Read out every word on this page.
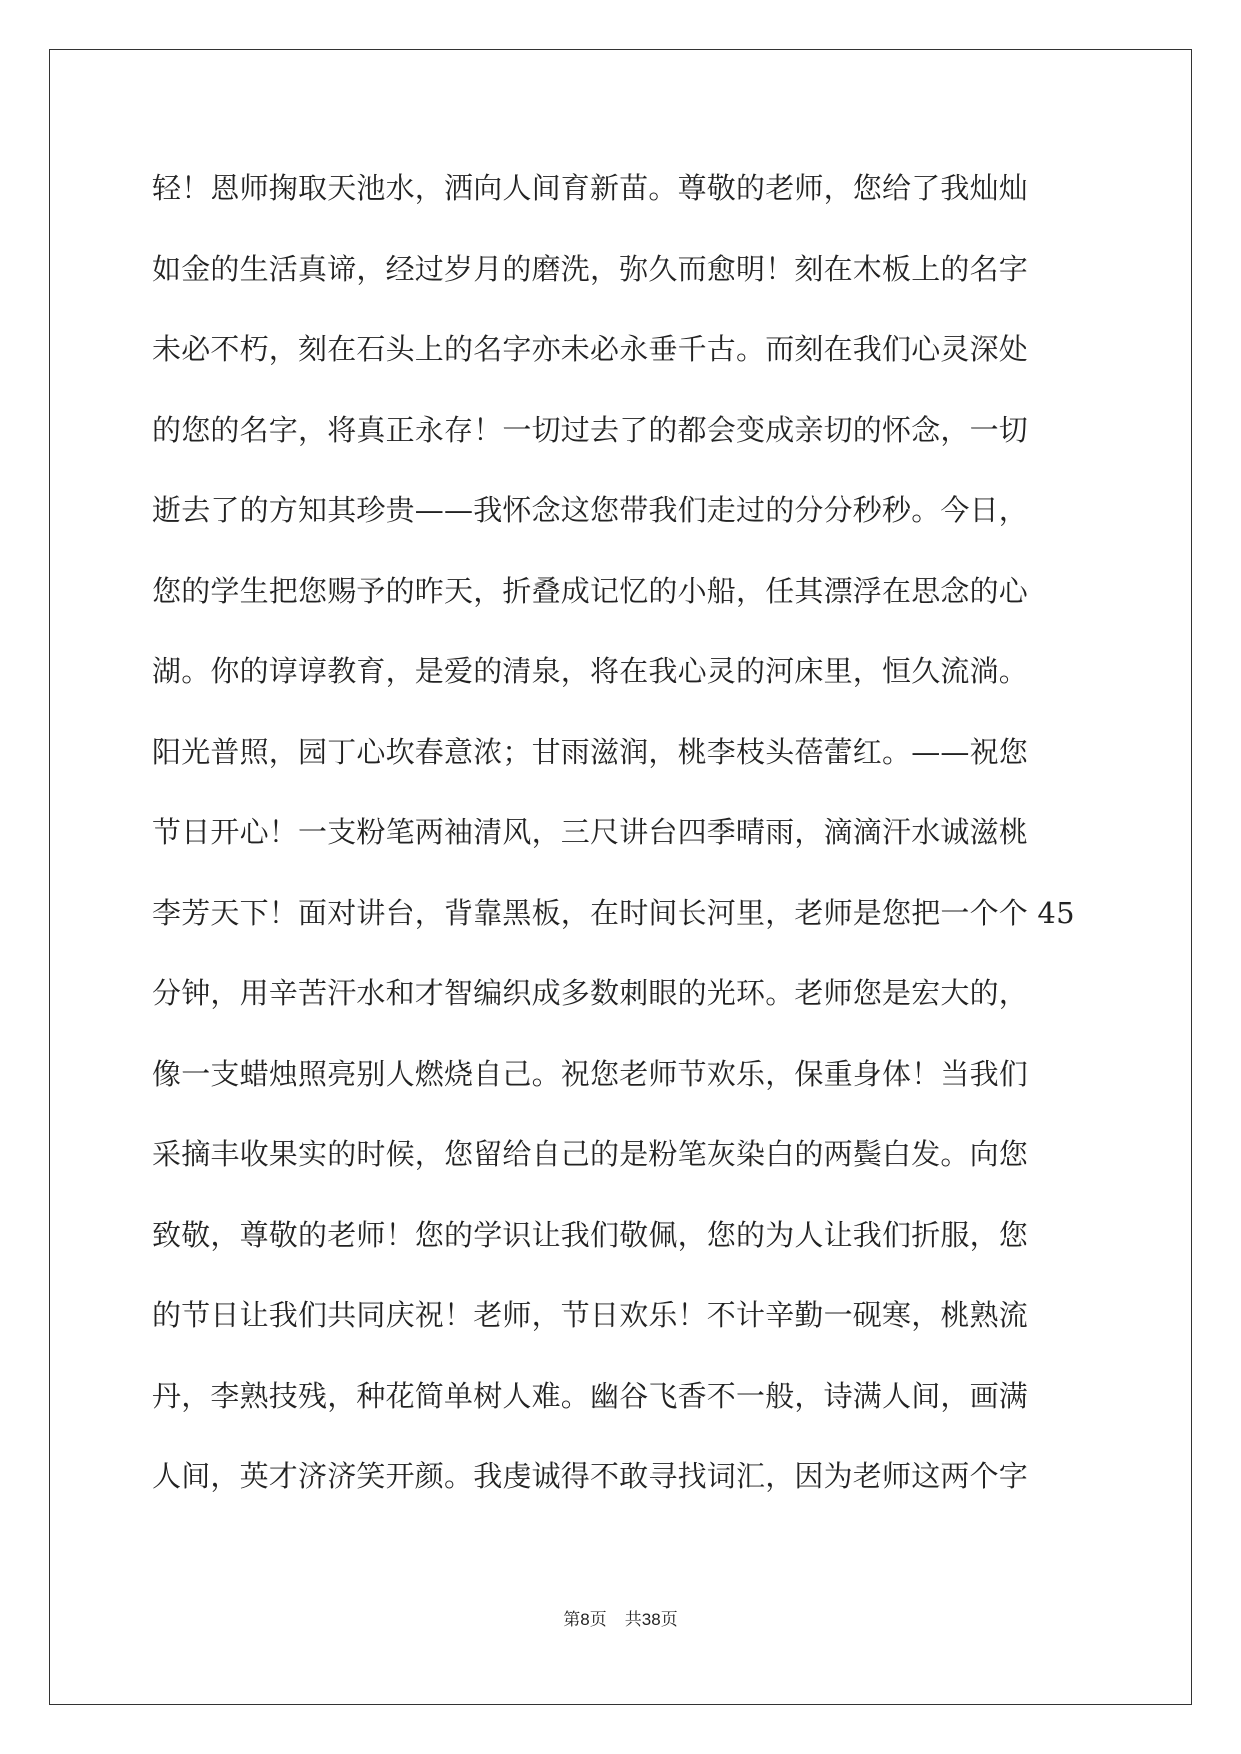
轻！恩师掬取天池水，洒向人间育新苗。尊敬的老师，您给了我灿灿
如金的生活真谛，经过岁月的磨洗，弥久而愈明！刻在木板上的名字
未必不朽，刻在石头上的名字亦未必永垂千古。而刻在我们心灵深处
的您的名字，将真正永存！一切过去了的都会变成亲切的怀念，一切
逝去了的方知其珍贵——我怀念这您带我们走过的分分秒秒。今日，
您的学生把您赐予的昨天，折叠成记忆的小船，任其漂浮在思念的心
湖。你的谆谆教育，是爱的清泉，将在我心灵的河床里，恒久流淌。
阳光普照，园丁心坎春意浓；甘雨滋润，桃李枝头蓓蕾红。——祝您
节日开心！一支粉笔两袖清风，三尺讲台四季晴雨，滴滴汗水诚滋桃
李芳天下！面对讲台，背靠黑板，在时间长河里，老师是您把一个个 45
分钟，用辛苦汗水和才智编织成多数刺眼的光环。老师您是宏大的，
像一支蜡烛照亮别人燃烧自己。祝您老师节欢乐，保重身体！当我们
采摘丰收果实的时候，您留给自己的是粉笔灰染白的两鬓白发。向您
致敬，尊敬的老师！您的学识让我们敬佩，您的为人让我们折服，您
的节日让我们共同庆祝！老师，节日欢乐！不计辛勤一砚寒，桃熟流
丹，李熟技残，种花简单树人难。幽谷飞香不一般，诗满人间，画满
人间，英才济济笑开颜。我虔诚得不敢寻找词汇，因为老师这两个字
第8页 共38页
